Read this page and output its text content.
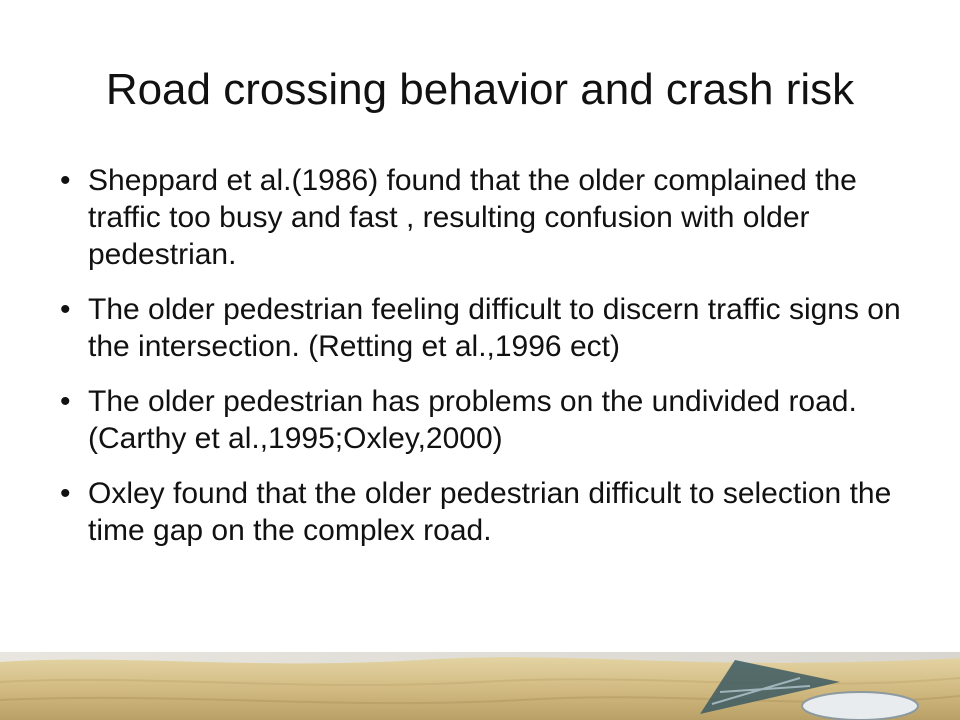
Road crossing behavior and crash risk
• Sheppard et al.(1986) found that the older complained the traffic too busy and fast , resulting confusion with older pedestrian.
• The older pedestrian feeling difficult to discern traffic signs on the intersection. (Retting et al.,1996 ect)
• The older pedestrian has problems on the undivided road. (Carthy et al.,1995;Oxley,2000)
• Oxley found that the older pedestrian difficult to selection the time gap on the complex road.
